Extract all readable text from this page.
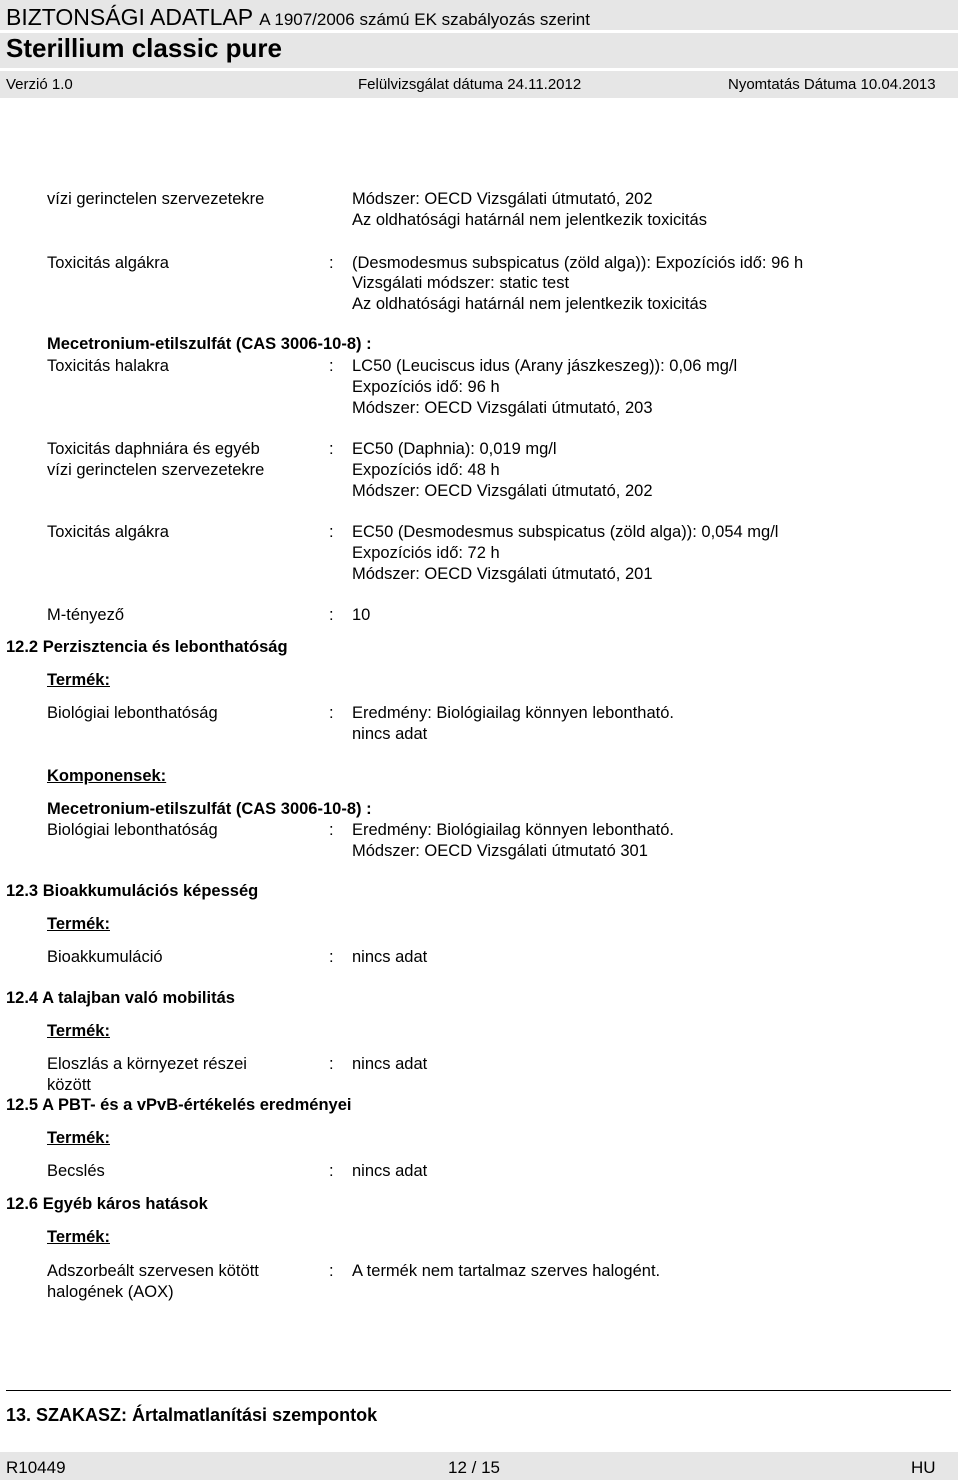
BIZTONSÁGI ADATLAP A 1907/2006 számú EK szabályozás szerint
Sterillium classic pure
Verzió 1.0	Felülvizsgálat dátuma 24.11.2012	Nyomtatás Dátuma 10.04.2013
vízi gerinctelen szervezetekre	Módszer: OECD Vizsgálati útmutató, 202
Az oldhatósági határnál nem jelentkezik toxicitás
Toxicitás algákra	: (Desmodesmus subspicatus (zöld alga)): Expozíciós idő: 96 h
Vizsgálati módszer: static test
Az oldhatósági határnál nem jelentkezik toxicitás
Mecetronium-etilszulfát (CAS 3006-10-8) :
Toxicitás halakra	: LC50 (Leuciscus idus (Arany jászkeszeg)): 0,06 mg/l
Expozíciós idő: 96 h
Módszer: OECD Vizsgálati útmutató, 203
Toxicitás daphniára és egyéb
vízi gerinctelen szervezetekre
: EC50 (Daphnia): 0,019 mg/l
Expozíciós idő: 48 h
Módszer: OECD Vizsgálati útmutató, 202
Toxicitás algákra	: EC50 (Desmodesmus subspicatus (zöld alga)): 0,054 mg/l
Expozíciós idő: 72 h
Módszer: OECD Vizsgálati útmutató, 201
M-tényező	: 10
12.2 Perzisztencia és lebonthatóság
Termék:
Biológiai lebonthatóság	: Eredmény: Biológiailag könnyen lebontható.
nincs adat
Komponensek:
Mecetronium-etilszulfát (CAS 3006-10-8) :
Biológiai lebonthatóság	: Eredmény: Biológiailag könnyen lebontható.
Módszer: OECD Vizsgálati útmutató 301
12.3 Bioakkumulációs képesség
Termék:
Bioakkumuláció	: nincs adat
12.4 A talajban való mobilitás
Termék:
Eloszlás a környezet részei
között
: nincs adat
12.5 A PBT- és a vPvB-értékelés eredményei
Termék:
Becslés	: nincs adat
12.6 Egyéb káros hatások
Termék:
Adszorbeált szervesen kötött
halogének (AOX)
: A termék nem tartalmaz szerves halogént.
13. SZAKASZ: Ártalmatlanítási szempontok
R10449	12 / 15	HU
